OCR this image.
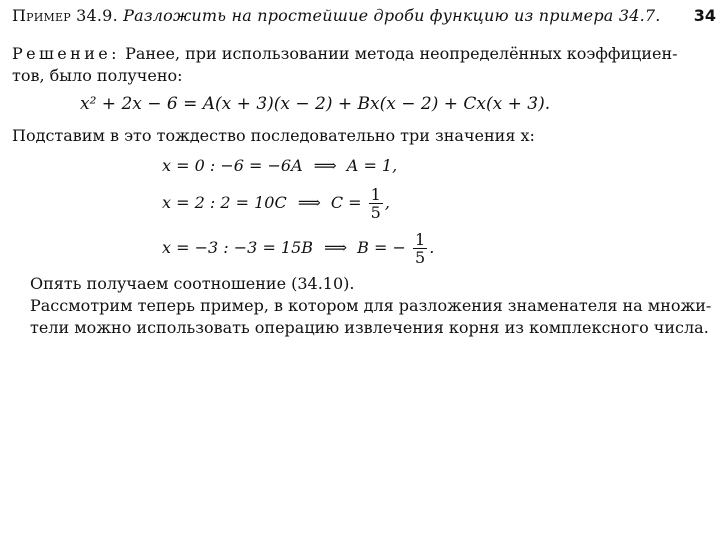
34
Пример 34.9. Разложить на простейшие дроби функцию из примера 34.7.
Решение: Ранее, при использовании метода неопределённых коэффициен-
тов, было получено:
x² + 2x − 6 = A(x + 3)(x − 2) + Bx(x − 2) + Cx(x + 3).
Подставим в это тождество последовательно три значения x:
x = 0 : −6 = −6A ⟹ A = 1,
x = 2 : 2 = 10C ⟹ $C = \frac{1}{5}$ ,
x = −3 : −3 = 15B ⟹ B = − $\frac{1}{5}$ .
Опять получаем соотношение (34.10).
Рассмотрим теперь пример, в котором для разложения знаменателя на множи-
тели можно использовать операцию извлечения корня из комплексного числа.
